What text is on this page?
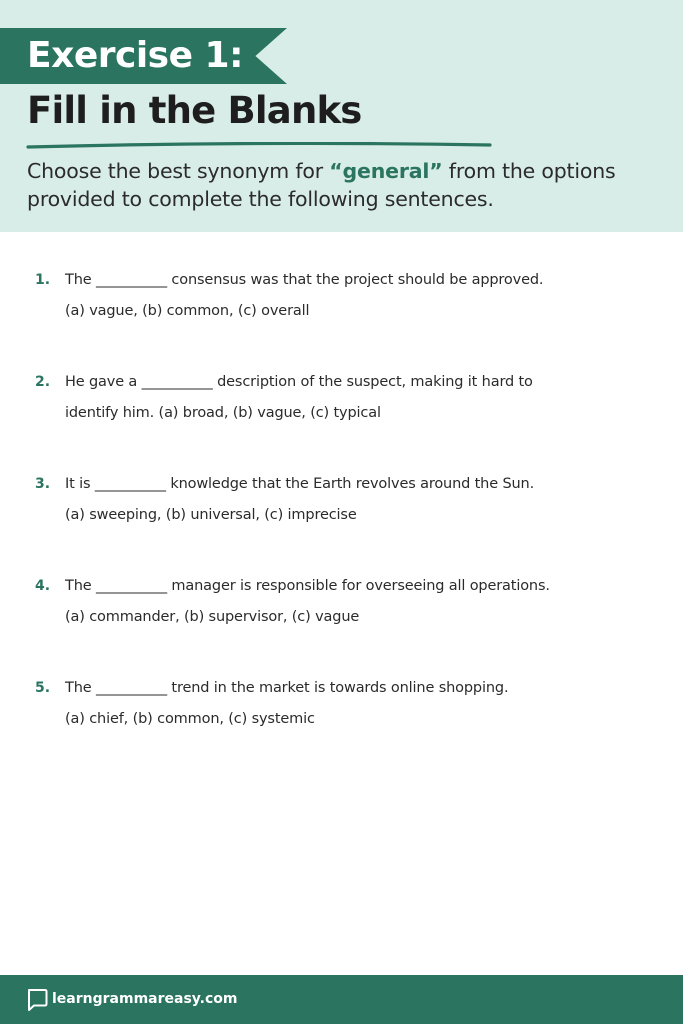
Exercise 1:
Fill in the Blanks
Choose the best synonym for “general” from the options provided to complete the following sentences.
1.	The __________ consensus was that the project should be approved.
(a) vague, (b) common, (c) overall
2.	He gave a __________ description of the suspect, making it hard to
identify him. (a) broad, (b) vague, (c) typical
3.	It is __________ knowledge that the Earth revolves around the Sun.
(a) sweeping, (b) universal, (c) imprecise
4.	The __________ manager is responsible for overseeing all operations.
(a) commander, (b) supervisor, (c) vague
5.	The __________ trend in the market is towards online shopping.
(a) chief, (b) common, (c) systemic
learngrammareasy.com
